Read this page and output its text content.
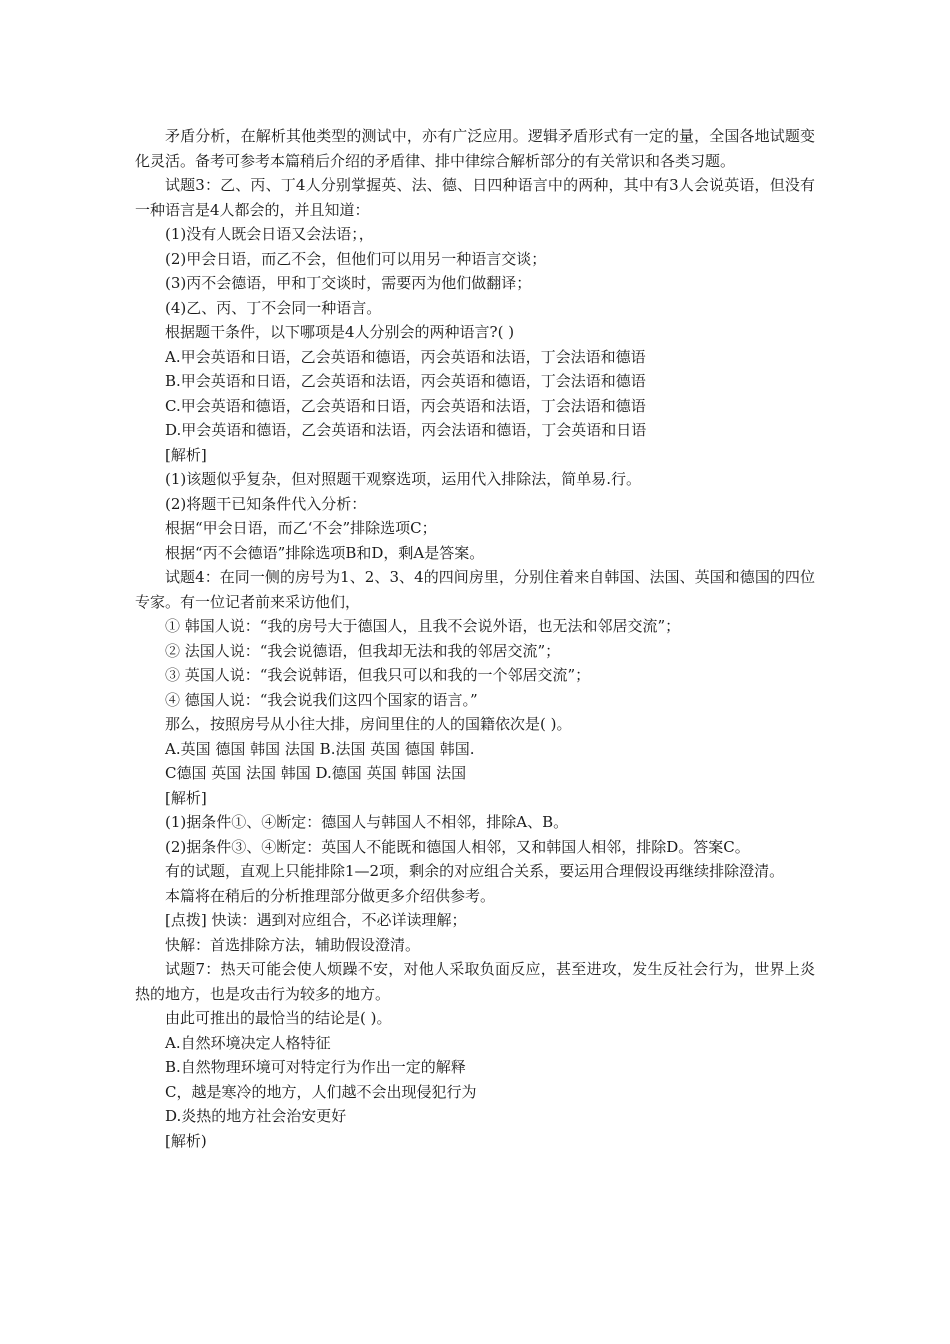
矛盾分析，在解析其他类型的测试中，亦有广泛应用。逻辑矛盾形式有一定的量，全国各地试题变化灵活。备考可参考本篇稍后介绍的矛盾律、排中律综合解析部分的有关常识和各类习题。

试题3：乙、丙、丁4人分别掌握英、法、德、日四种语言中的两种，其中有3人会说英语，但没有一种语言是4人都会的，并且知道：

(1)没有人既会日语又会法语；，

(2)甲会日语，而乙不会，但他们可以用另一种语言交谈；

(3)丙不会德语，甲和丁交谈时，需要丙为他们做翻译；

(4)乙、丙、丁不会同一种语言。

根据题干条件，以下哪项是4人分别会的两种语言?( )

A.甲会英语和日语，乙会英语和德语，丙会英语和法语，丁会法语和德语

B.甲会英语和日语，乙会英语和法语，丙会英语和德语，丁会法语和德语

C.甲会英语和德语，乙会英语和日语，丙会英语和法语，丁会法语和德语

D.甲会英语和德语，乙会英语和法语，丙会法语和德语，丁会英语和日语

[解析]

(1)该题似乎复杂，但对照题干观察选项，运用代入排除法，简单易.行。

(2)将题干已知条件代入分析：

根据“甲会日语，而乙‘不会”排除选项C；

根据“丙不会德语”排除选项B和D，剩A是答案。

试题4：在同一侧的房号为1、2、3、4的四间房里，分别住着来自韩国、法国、英国和德国的四位专家。有一位记者前来采访他们，

① 韩国人说：“我的房号大于德国人，且我不会说外语，也无法和邻居交流”；

② 法国人说：“我会说德语，但我却无法和我的邻居交流”；

③ 英国人说：“我会说韩语，但我只可以和我的一个邻居交流”；

④ 德国人说：“我会说我们这四个国家的语言。”

那么，按照房号从小往大排，房间里住的人的国籍依次是( )。

A.英国 德国 韩国 法国 B.法国 英国 德国 韩国.

C德国 英国 法国 韩国 D.德国 英国 韩国 法国

[解析]

(1)据条件①、④断定：德国人与韩国人不相邻，排除A、B。

(2)据条件③、④断定：英国人不能既和德国人相邻，又和韩国人相邻，排除D。答案C。

有的试题，直观上只能排除1—2项，剩余的对应组合关系，要运用合理假设再继续排除澄清。

本篇将在稍后的分析推理部分做更多介绍供参考。

[点拨] 快读：遇到对应组合，不必详读理解；

快解：首选排除方法，辅助假设澄清。

试题7：热天可能会使人烦躁不安，对他人采取负面反应，甚至进攻，发生反社会行为，世界上炎热的地方，也是攻击行为较多的地方。

由此可推出的最恰当的结论是( )。

A.自然环境决定人格特征

B.自然物理环境可对特定行为作出一定的解释

C，越是寒冷的地方，人们越不会出现侵犯行为

D.炎热的地方社会治安更好

[解析)
